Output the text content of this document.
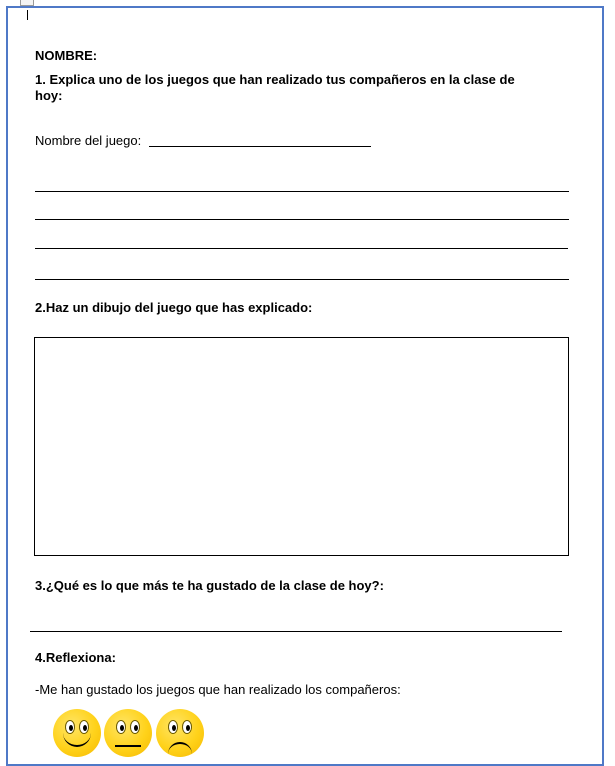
NOMBRE:
1. Explica uno de los juegos que han realizado tus compañeros en la clase de
hoy:
Nombre del juego:
2.Haz un dibujo del juego que has explicado:
3.¿Qué es lo que más te ha gustado de la clase de hoy?:
4.Reflexiona:
-Me han gustado los juegos que han realizado los compañeros:
